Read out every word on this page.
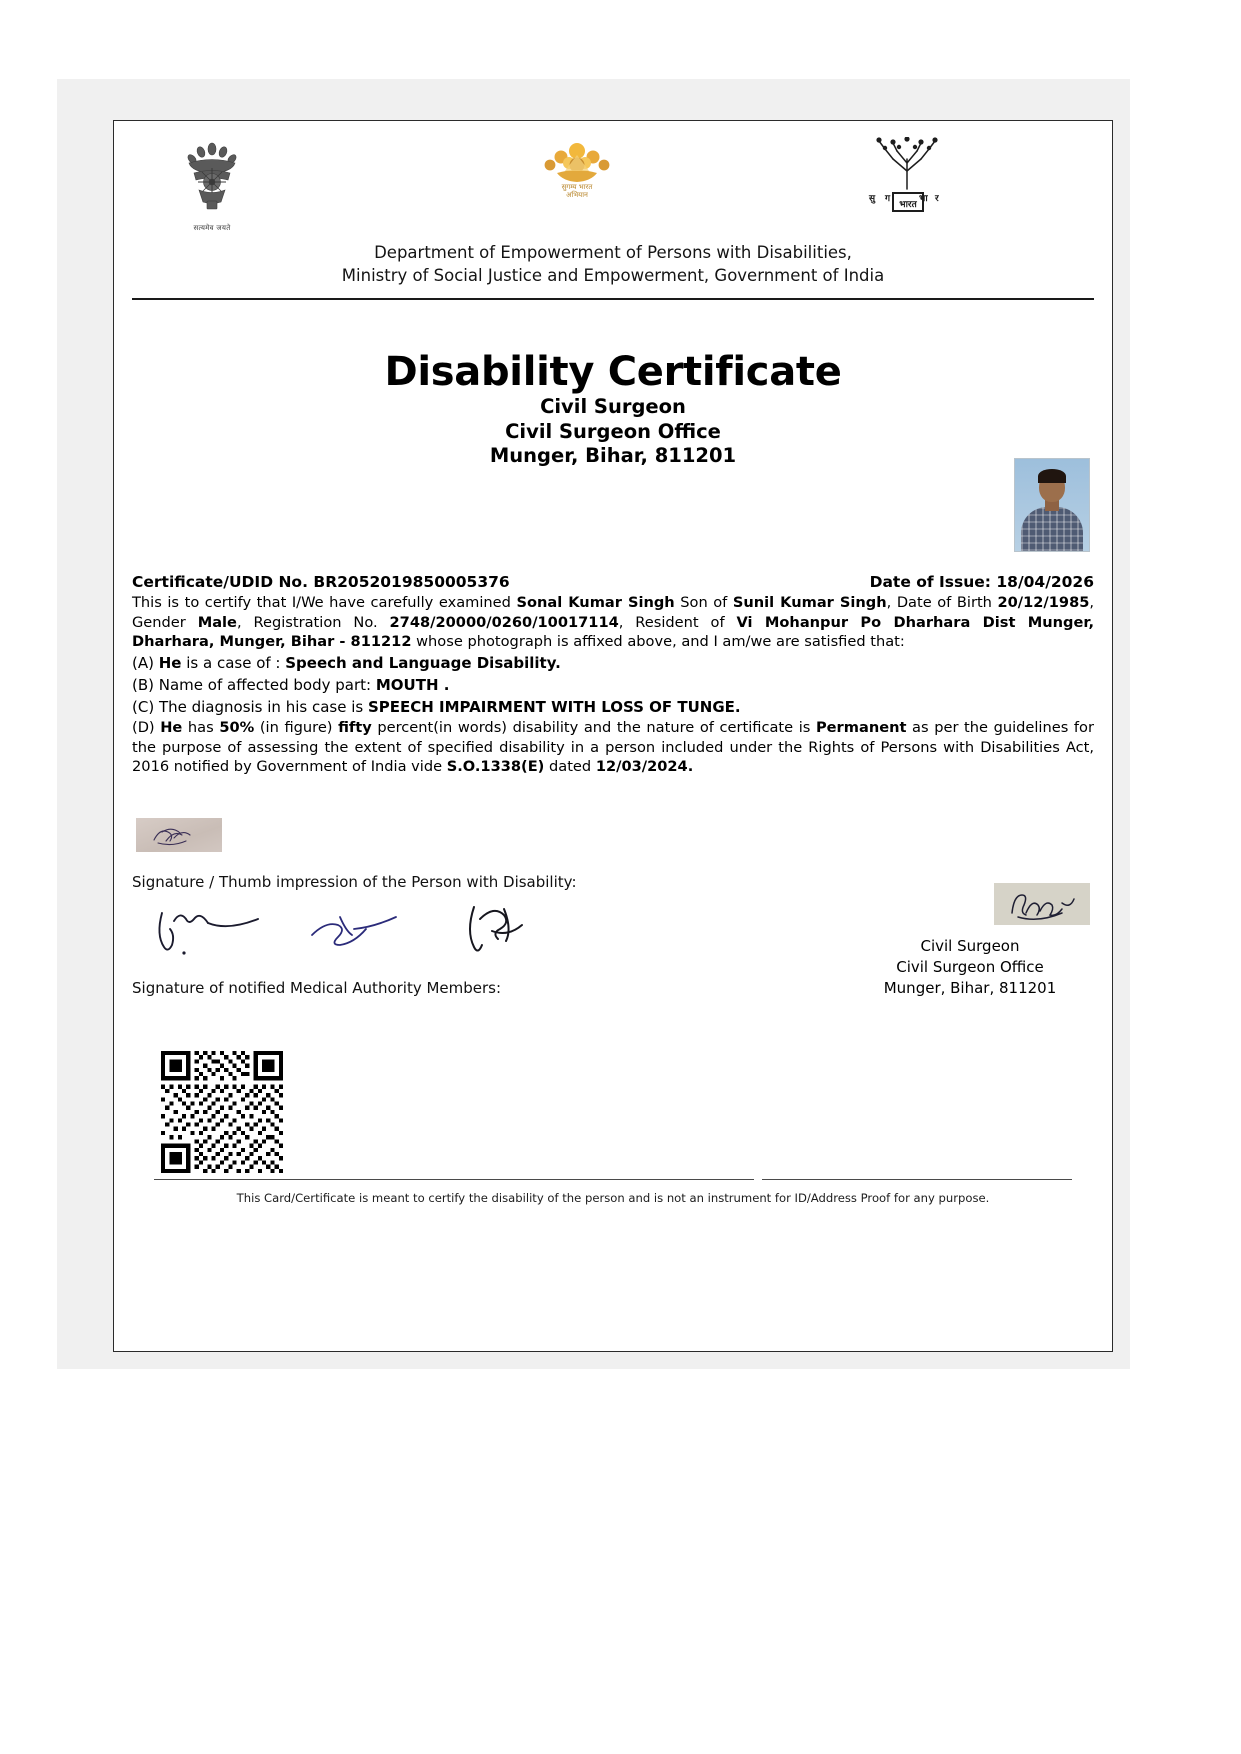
सत्यमेव जयते
सुगम्य भारत
अभियान	सु ग	भा र
भारत
Department of Empowerment of Persons with Disabilities,
Ministry of Social Justice and Empowerment, Government of India
Disability Certificate
Civil Surgeon
Civil Surgeon Office
Munger, Bihar, 811201
Certificate/UDID No. BR2052019850005376	Date of Issue: 18/04/2026
This is to certify that I/We have carefully examined Sonal Kumar Singh Son of Sunil Kumar Singh, Date of Birth 20/12/1985, Gender Male, Registration No. 2748/20000/0260/10017114, Resident of Vi Mohanpur Po Dharhara Dist Munger, Dharhara, Munger, Bihar - 811212 whose photograph is affixed above, and I am/we are satisfied that:
(A) He is a case of : Speech and Language Disability.
(B) Name of affected body part: MOUTH .
(C) The diagnosis in his case is SPEECH IMPAIRMENT WITH LOSS OF TUNGE.
(D) He has 50% (in figure) fifty percent(in words) disability and the nature of certificate is Permanent as per the guidelines for the purpose of assessing the extent of specified disability in a person included under the Rights of Persons with Disabilities Act, 2016 notified by Government of India vide S.O.1338(E) dated 12/03/2024.
Signature / Thumb impression of the Person with Disability:
Signature of notified Medical Authority Members:
Civil Surgeon
Civil Surgeon Office
Munger, Bihar, 811201
This Card/Certificate is meant to certify the disability of the person and is not an instrument for ID/Address Proof for any purpose.
